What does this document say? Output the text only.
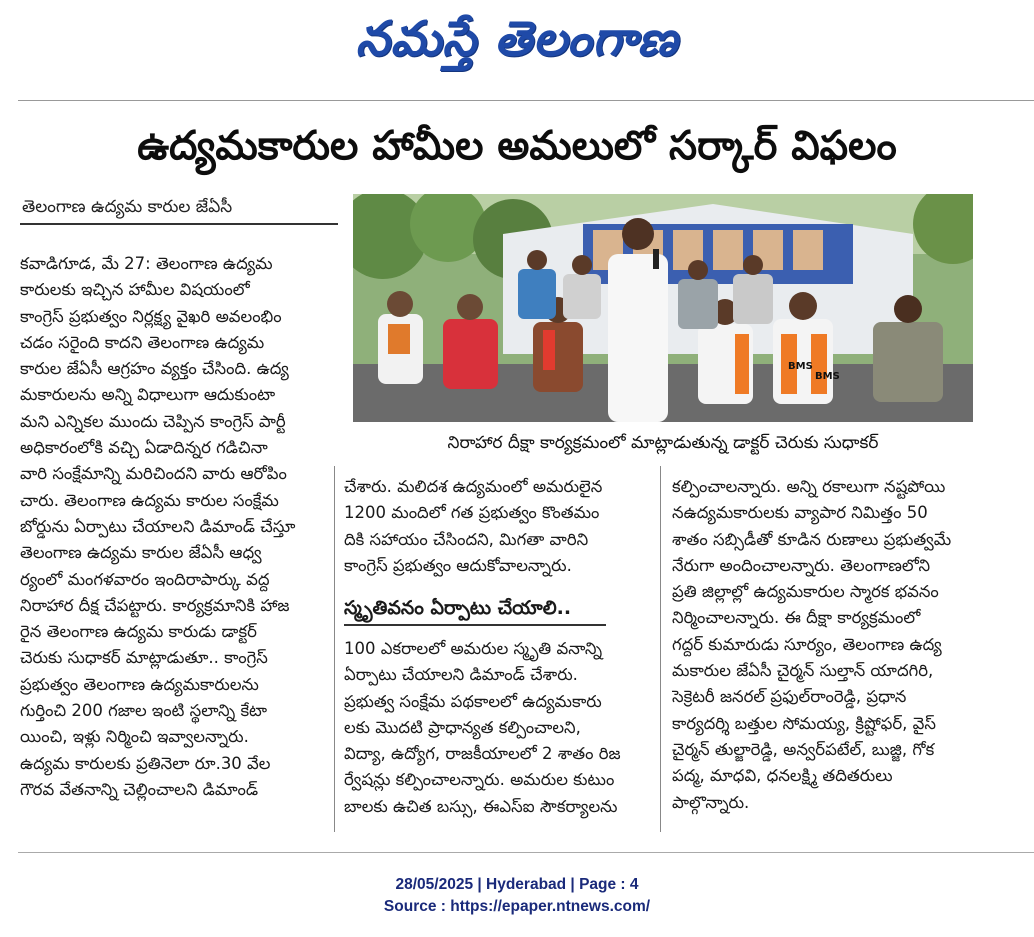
నమస్తే తెలంగాణ
ఉద్యమకారుల హామీల అమలులో సర్కార్ విఫలం
తెలంగాణ ఉద్యమ కారుల జేఏసీ
కవాడిగూడ, మే 27: తెలంగాణ ఉద్యమ
కారులకు ఇచ్చిన హామీల విషయంలో
కాంగ్రెస్ ప్రభుత్వం నిర్లక్ష్య వైఖరి అవలంభిం
చడం సరైంది కాదని తెలంగాణ ఉద్యమ
కారుల జేఏసీ ఆగ్రహం వ్యక్తం చేసింది. ఉద్య
మకారులను అన్ని విధాలుగా ఆదుకుంటా
మని ఎన్నికల ముందు చెప్పిన కాంగ్రెస్ పార్టీ
అధికారంలోకి వచ్చి ఏడాదిన్నర గడిచినా
వారి సంక్షేమాన్ని మరిచిందని వారు ఆరోపిం
చారు. తెలంగాణ ఉద్యమ కారుల సంక్షేమ
బోర్డును ఏర్పాటు చేయాలని డిమాండ్ చేస్తూ
తెలంగాణ ఉద్యమ కారుల జేఏసీ ఆధ్వ
ర్యంలో మంగళవారం ఇందిరాపార్కు వద్ద
నిరాహార దీక్ష చేపట్టారు. కార్యక్రమానికి హాజ
రైన తెలంగాణ ఉద్యమ కారుడు డాక్టర్
చెరుకు సుధాకర్ మాట్లాడుతూ.. కాంగ్రెస్
ప్రభుత్వం తెలంగాణ ఉద్యమకారులను
గుర్తించి 200 గజాల ఇంటి స్థలాన్ని కేటా
యించి, ఇళ్లు నిర్మించి ఇవ్వాలన్నారు.
ఉద్యమ కారులకు ప్రతినెలా రూ.30 వేల
గౌరవ వేతనాన్ని చెల్లించాలని డిమాండ్
BMS
BMS
నిరాహార దీక్షా కార్యక్రమంలో మాట్లాడుతున్న డాక్టర్ చెరుకు సుధాకర్
చేశారు. మలిదశ ఉద్యమంలో అమరులైన
1200 మందిలో గత ప్రభుత్వం కొంతమం
దికి సహాయం చేసిందని, మిగతా వారిని
కాంగ్రెస్ ప్రభుత్వం ఆదుకోవాలన్నారు.
స్మృతివనం ఏర్పాటు చేయాలి..
100 ఎకరాలలో అమరుల స్మృతి వనాన్ని
ఏర్పాటు చేయాలని డిమాండ్ చేశారు.
ప్రభుత్వ సంక్షేమ పథకాలలో ఉద్యమకారు
లకు మొదటి ప్రాధాన్యత కల్పించాలని,
విద్యా, ఉద్యోగ, రాజకీయాలలో 2 శాతం రిజ
ర్వేషన్లు కల్పించాలన్నారు. అమరుల కుటుం
బాలకు ఉచిత బస్సు, ఈఎస్ఐ సౌకర్యాలను
కల్పించాలన్నారు. అన్ని రకాలుగా నష్టపోయి
నఉద్యమకారులకు వ్యాపార నిమిత్తం 50
శాతం సబ్సిడీతో కూడిన రుణాలు ప్రభుత్వమే
నేరుగా అందించాలన్నారు. తెలంగాణలోని
ప్రతి జిల్లాల్లో ఉద్యమకారుల స్మారక భవనం
నిర్మించాలన్నారు. ఈ దీక్షా కార్యక్రమంలో
గద్దర్ కుమారుడు సూర్యం, తెలంగాణ ఉద్య
మకారుల జేఏసీ చైర్మన్ సుల్తాన్ యాదగిరి,
సెక్రెటరీ జనరల్ ప్రఫుల్‌రాంరెడ్డి, ప్రధాన
కార్యదర్శి బత్తుల సోమయ్య, క్రిష్టోఫర్, వైస్
చైర్మన్ తుల్జారెడ్డి, అన్వర్‌పటేల్, బుజ్జి, గోక
పద్మ, మాధవి, ధనలక్ష్మి తదితరులు
పాల్గొన్నారు.
28/05/2025 | Hyderabad | Page : 4
Source : https://epaper.ntnews.com/
